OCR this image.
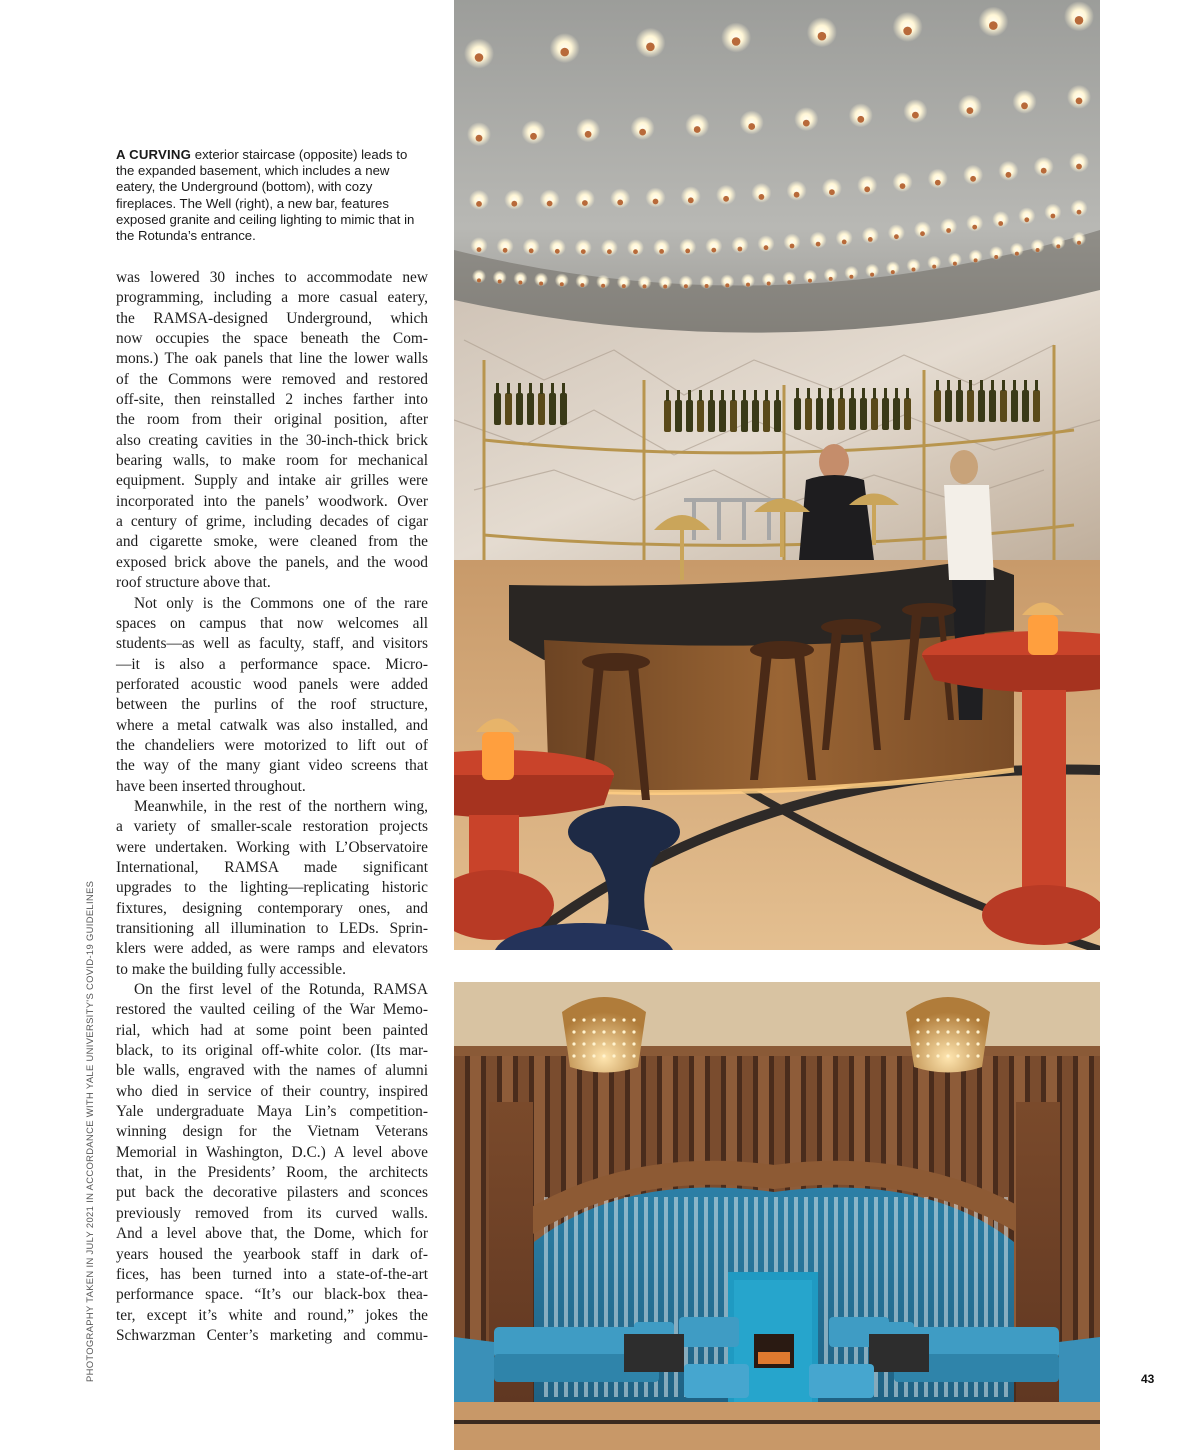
A CURVING exterior staircase (opposite) leads to the expanded basement, which includes a new eatery, the Underground (bottom), with cozy fireplaces. The Well (right), a new bar, features exposed granite and ceiling lighting to mimic that in the Rotunda’s entrance.
was lowered 30 inches to accommodate new
programming, including a more casual eatery,
the RAMSA-designed Underground, which
now occupies the space beneath the Com-
mons.) The oak panels that line the lower walls
of the Commons were removed and restored
off-site, then reinstalled 2 inches farther into
the room from their original position, after
also creating cavities in the 30-inch-thick brick
bearing walls, to make room for mechanical
equipment. Supply and intake air grilles were
incorporated into the panels’ woodwork. Over
a century of grime, including decades of cigar
and cigarette smoke, were cleaned from the
exposed brick above the panels, and the wood
roof structure above that.
Not only is the Commons one of the rare
spaces on campus that now welcomes all
students—as well as faculty, staff, and visitors
—it is also a performance space. Micro-
perforated acoustic wood panels were added
between the purlins of the roof structure,
where a metal catwalk was also installed, and
the chandeliers were motorized to lift out of
the way of the many giant video screens that
have been inserted throughout.
Meanwhile, in the rest of the northern wing,
a variety of smaller-scale restoration projects
were undertaken. Working with L’Observatoire
International, RAMSA made significant
upgrades to the lighting—replicating historic
fixtures, designing contemporary ones, and
transitioning all illumination to LEDs. Sprin-
klers were added, as were ramps and elevators
to make the building fully accessible.
On the first level of the Rotunda, RAMSA
restored the vaulted ceiling of the War Memo-
rial, which had at some point been painted
black, to its original off-white color. (Its mar-
ble walls, engraved with the names of alumni
who died in service of their country, inspired
Yale undergraduate Maya Lin’s competition-
winning design for the Vietnam Veterans
Memorial in Washington, D.C.) A level above
that, in the Presidents’ Room, the architects
put back the decorative pilasters and sconces
previously removed from its curved walls.
And a level above that, the Dome, which for
years housed the yearbook staff in dark of-
fices, has been turned into a state-of-the-art
performance space. “It’s our black-box thea-
ter, except it’s white and round,” jokes the
Schwarzman Center’s marketing and commu-
PHOTOGRAPHY TAKEN IN JULY 2021 IN ACCORDANCE WITH YALE UNIVERSITY'S COVID-19 GUIDELINES	43
